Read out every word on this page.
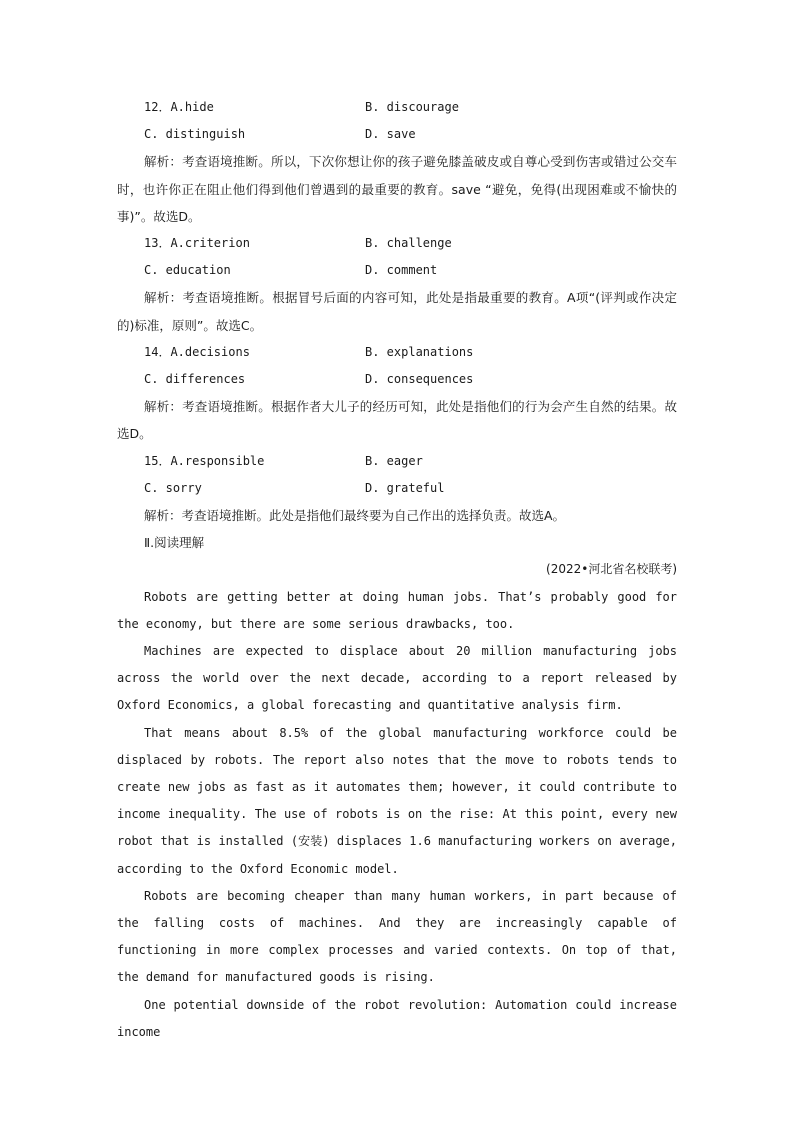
12．A.hide	B. discourage
C. distinguish	D. save

解析：考查语境推断。所以，下次你想让你的孩子避免膝盖破皮或自尊心受到伤害或错过公交车时，也许你正在阻止他们得到他们曾遇到的最重要的教育。save “避免，免得(出现困难或不愉快的事)”。故选D。

13．A.criterion	B. challenge
C. education	D. comment

解析：考查语境推断。根据冒号后面的内容可知，此处是指最重要的教育。A项“(评判或作决定的)标准，原则”。故选C。

14．A.decisions	B. explanations
C. differences	D. consequences

解析：考查语境推断。根据作者大儿子的经历可知，此处是指他们的行为会产生自然的结果。故选D。

15．A.responsible	B. eager
C. sorry	D. grateful

解析：考查语境推断。此处是指他们最终要为自己作出的选择负责。故选A。

Ⅱ.阅读理解

(2022•河北省名校联考)

Robots are getting better at doing human jobs. That’s probably good for the economy, but there are some serious drawbacks, too.

Machines are expected to displace about 20 million manufacturing jobs across the world over the next decade, according to a report released by Oxford Economics, a global forecasting and quantitative analysis firm.

That means about 8.5% of the global manufacturing workforce could be displaced by robots. The report also notes that the move to robots tends to create new jobs as fast as it automates them; however, it could contribute to income inequality. The use of robots is on the rise: At this point, every new robot that is installed (安装) displaces 1.6 manufacturing workers on average, according to the Oxford Economic model.

Robots are becoming cheaper than many human workers, in part because of the falling costs of machines. And they are increasingly capable of functioning in more complex processes and varied contexts. On top of that, the demand for manufactured goods is rising.

One potential downside of the robot revolution: Automation could increase income
